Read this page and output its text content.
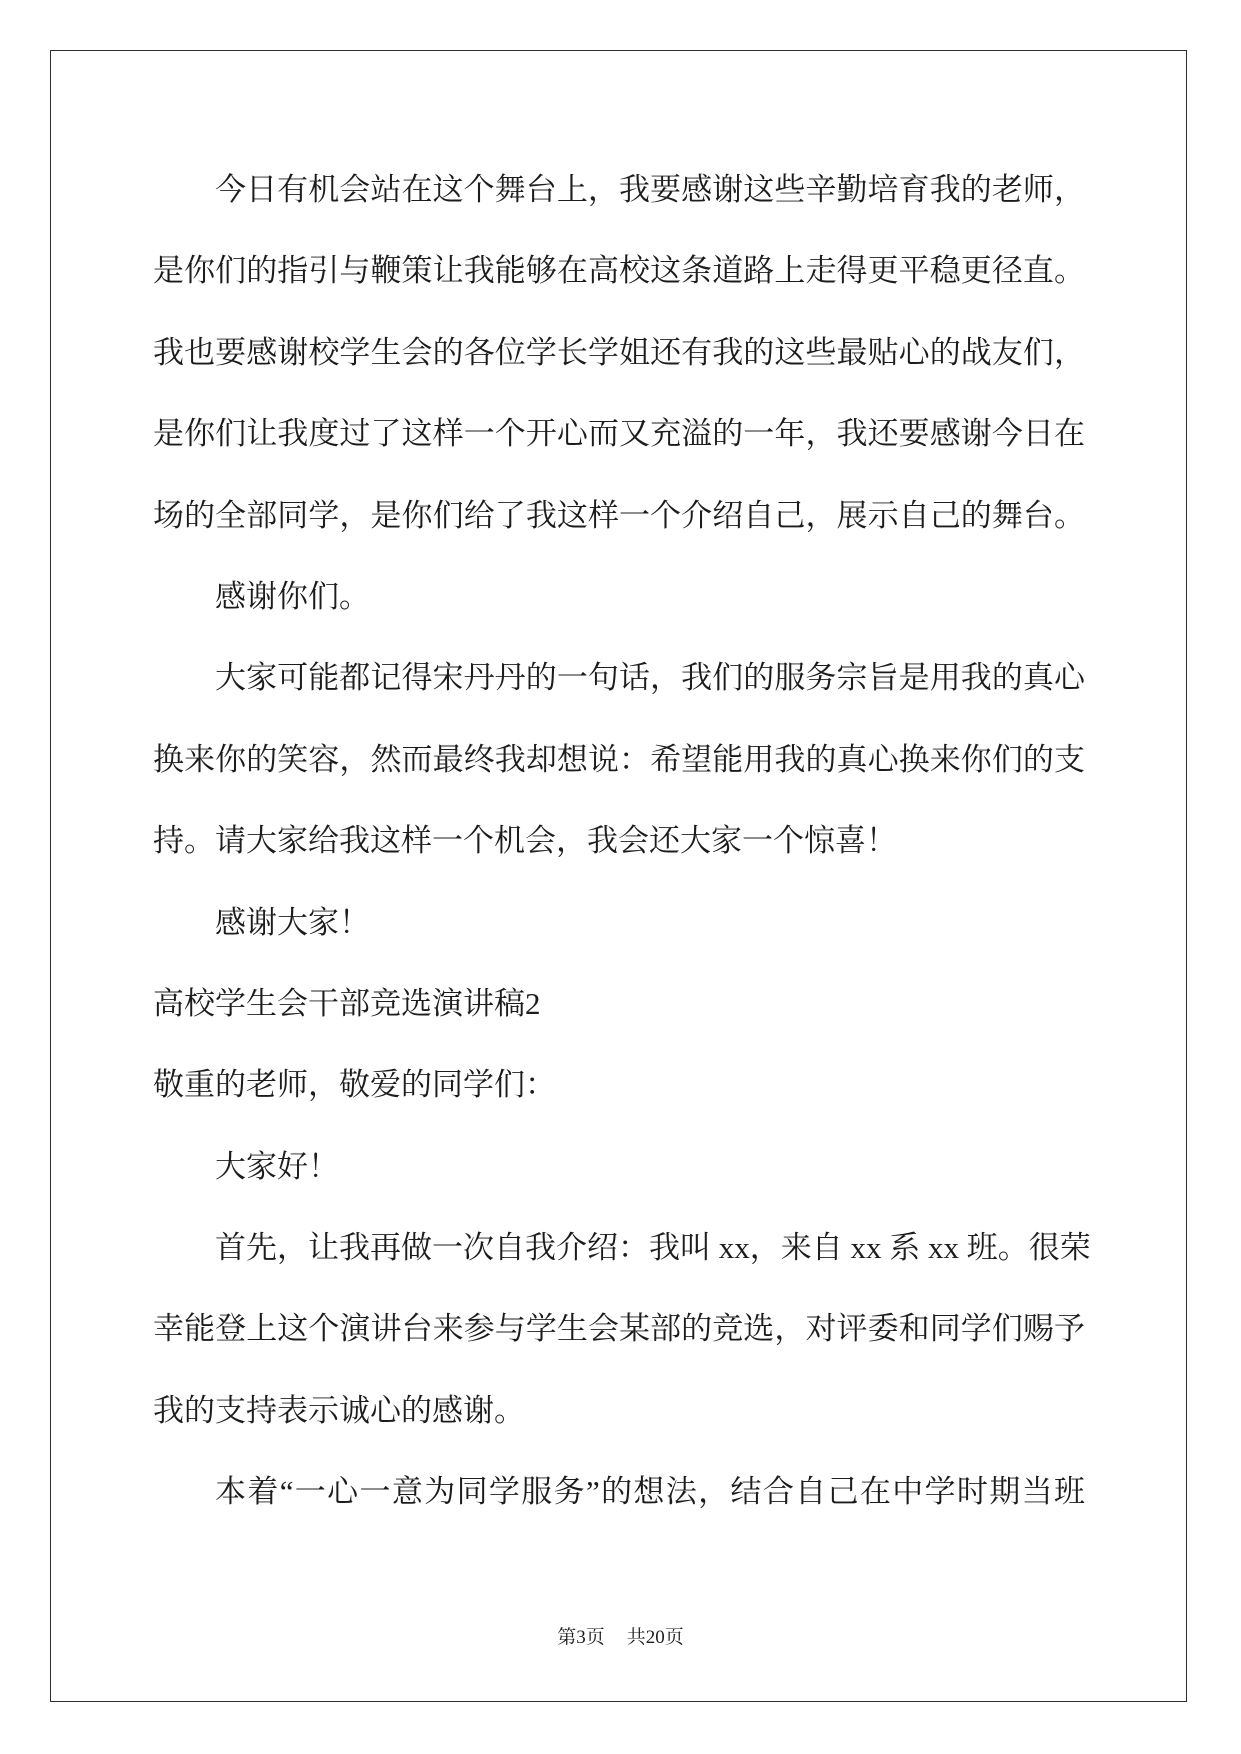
今日有机会站在这个舞台上，我要感谢这些辛勤培育我的老师，
是你们的指引与鞭策让我能够在高校这条道路上走得更平稳更径直。
我也要感谢校学生会的各位学长学姐还有我的这些最贴心的战友们，
是你们让我度过了这样一个开心而又充溢的一年，我还要感谢今日在
场的全部同学，是你们给了我这样一个介绍自己，展示自己的舞台。
感谢你们。
大家可能都记得宋丹丹的一句话，我们的服务宗旨是用我的真心
换来你的笑容，然而最终我却想说：希望能用我的真心换来你们的支
持。请大家给我这样一个机会，我会还大家一个惊喜！
感谢大家！
高校学生会干部竞选演讲稿2
敬重的老师，敬爱的同学们：
大家好！
首先，让我再做一次自我介绍：我叫 xx，来自 xx 系 xx 班。很荣
幸能登上这个演讲台来参与学生会某部的竞选，对评委和同学们赐予
我的支持表示诚心的感谢。
本着“一心一意为同学服务”的想法，结合自己在中学时期当班
第3页 共20页
